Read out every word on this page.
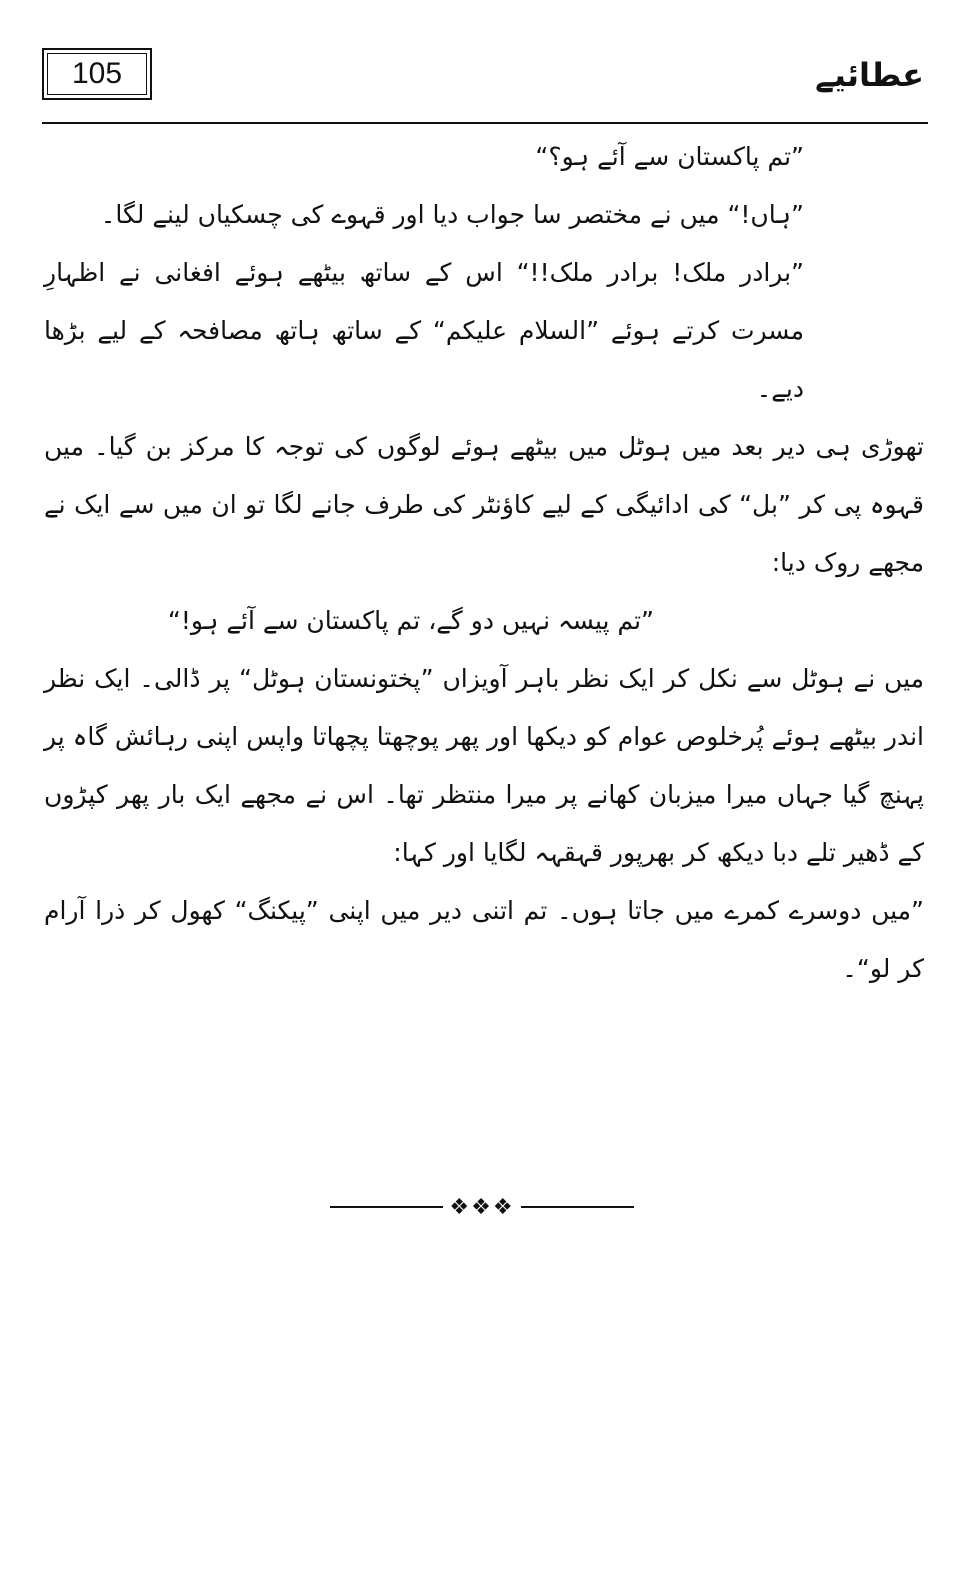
105	عطائیے

”تم پاکستان سے آئے ہو؟“

”ہاں!“ میں نے مختصر سا جواب دیا اور قہوے کی چسکیاں لینے لگا۔

”برادر ملک! برادر ملک!!“ اس کے ساتھ بیٹھے ہوئے افغانی نے اظہارِ مسرت کرتے ہوئے ”السلام علیکم“ کے ساتھ ہاتھ مصافحہ کے لیے بڑھا دیے۔

تھوڑی ہی دیر بعد میں ہوٹل میں بیٹھے ہوئے لوگوں کی توجہ کا مرکز بن گیا۔ میں قہوہ پی کر ”بل“ کی ادائیگی کے لیے کاؤنٹر کی طرف جانے لگا تو ان میں سے ایک نے مجھے روک دیا:

”تم پیسہ نہیں دو گے، تم پاکستان سے آئے ہو!“

میں نے ہوٹل سے نکل کر ایک نظر باہر آویزاں ”پختونستان ہوٹل“ پر ڈالی۔ ایک نظر اندر بیٹھے ہوئے پُرخلوص عوام کو دیکھا اور پھر پوچھتا پچھاتا واپس اپنی رہائش گاہ پر پہنچ گیا جہاں میرا میزبان کھانے پر میرا منتظر تھا۔ اس نے مجھے ایک بار پھر کپڑوں کے ڈھیر تلے دبا دیکھ کر بھرپور قہقہہ لگایا اور کہا:

”میں دوسرے کمرے میں جاتا ہوں۔ تم اتنی دیر میں اپنی ”پیکنگ“ کھول کر ذرا آرام کر لو“۔

❖❖❖
